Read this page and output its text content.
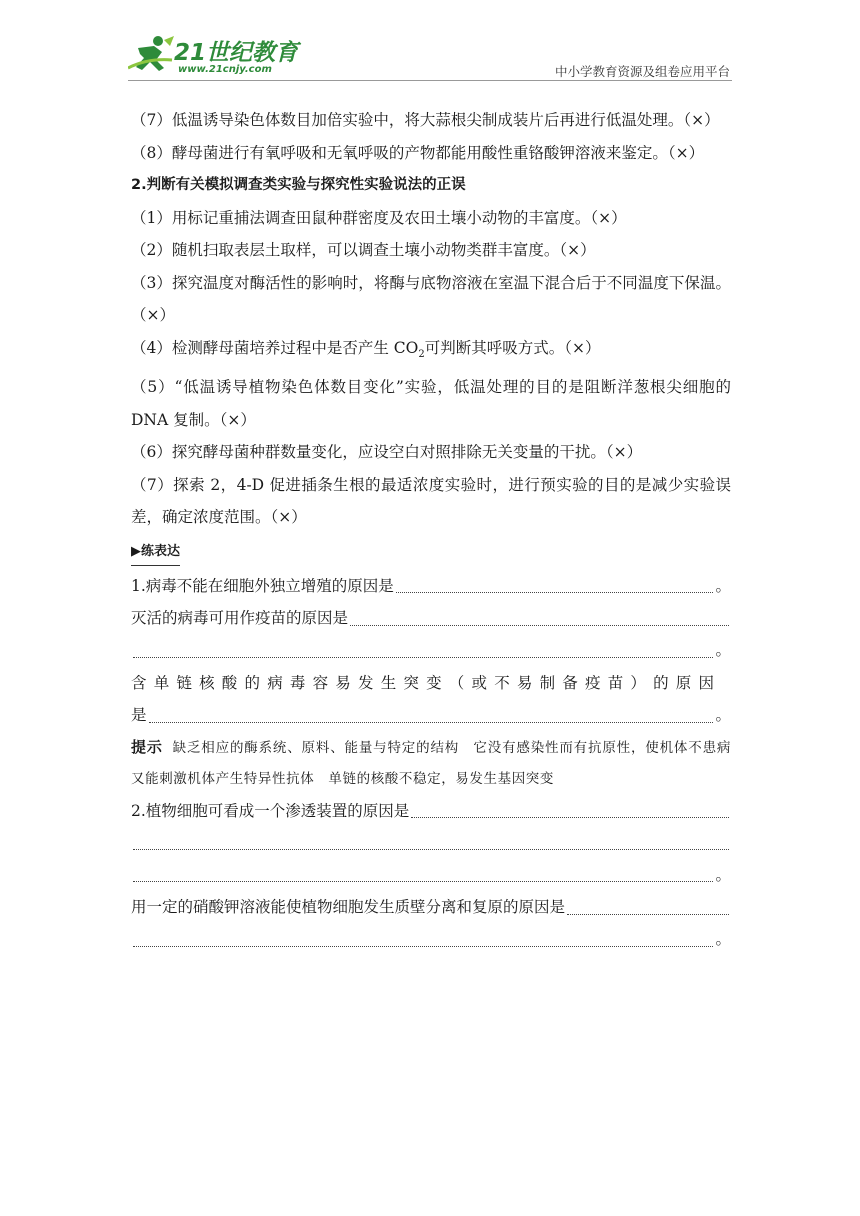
21世纪教育
www.21cnjy.com	中小学教育资源及组卷应用平台

（7）低温诱导染色体数目加倍实验中，将大蒜根尖制成装片后再进行低温处理。（×）

（8）酵母菌进行有氧呼吸和无氧呼吸的产物都能用酸性重铬酸钾溶液来鉴定。（×）

2.判断有关模拟调查类实验与探究性实验说法的正误

（1）用标记重捕法调查田鼠种群密度及农田土壤小动物的丰富度。（×）

（2）随机扫取表层土取样，可以调查土壤小动物类群丰富度。（×）

（3）探究温度对酶活性的影响时，将酶与底物溶液在室温下混合后于不同温度下保温。（×）

（4）检测酵母菌培养过程中是否产生 $CO_2$可判断其呼吸方式。（×）

（5）“低温诱导植物染色体数目变化”实验，低温处理的目的是阻断洋葱根尖细胞的 DNA 复制。（×）

（6）探究酵母菌种群数量变化，应设空白对照排除无关变量的干扰。（×）

（7）探索 2，4-D 促进插条生根的最适浓度实验时，进行预实验的目的是减少实验误差，确定浓度范围。（×）

▶练表达
1.病毒不能在细胞外独立增殖的原因是	。
灭活的病毒可用作疫苗的原因是
。

含单链核酸的病毒容易发生突变（或不易制备疫苗）的原因

是	。

提示 缺乏相应的酶系统、原料、能量与特定的结构　它没有感染性而有抗原性，使机体不患病又能刺激机体产生特异性抗体　单链的核酸不稳定，易发生基因突变

2.植物细胞可看成一个渗透装置的原因是
。
用一定的硝酸钾溶液能使植物细胞发生质壁分离和复原的原因是
。
